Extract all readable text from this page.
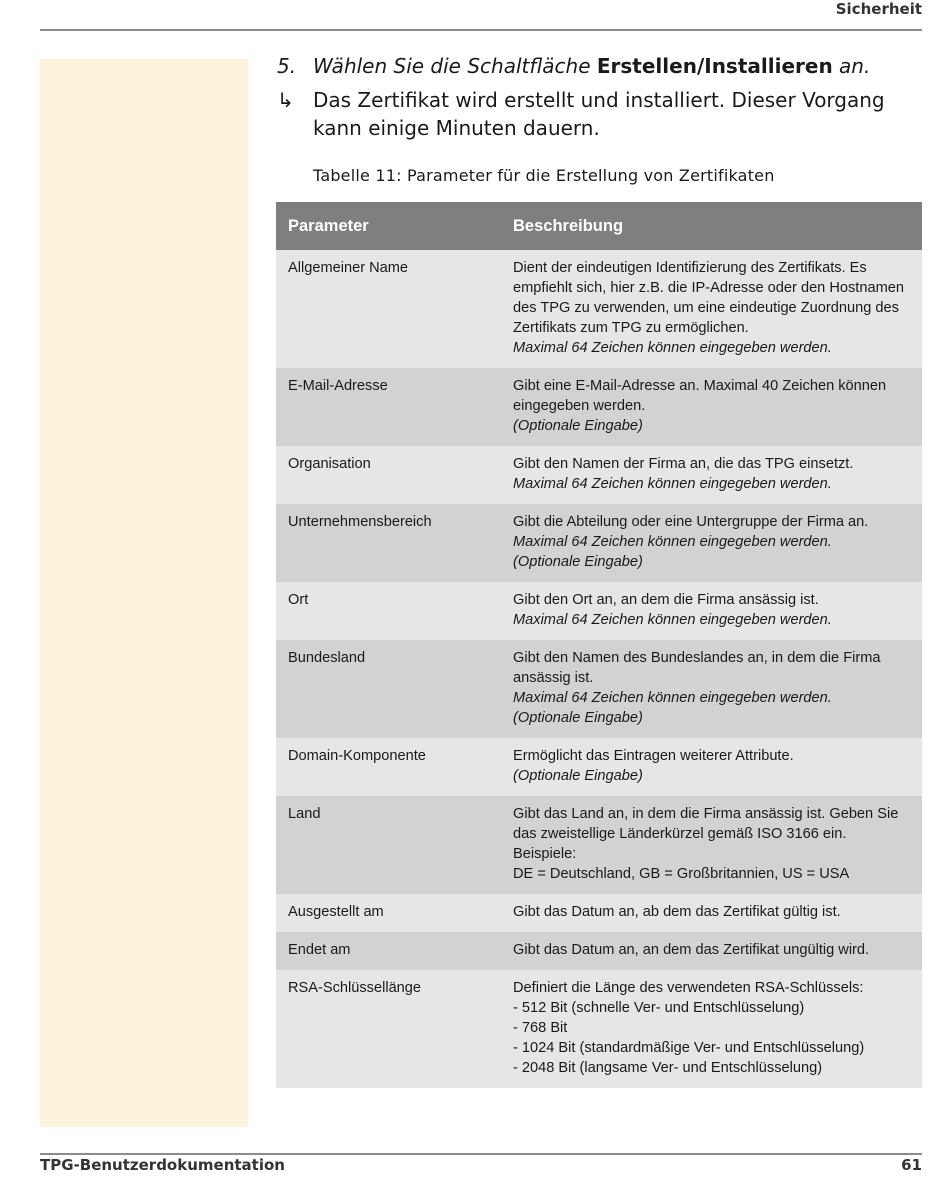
Sicherheit
5. Wählen Sie die Schaltfläche Erstellen/Installieren an.
↳ Das Zertifikat wird erstellt und installiert. Dieser Vorgang kann einige Minuten dauern.
Tabelle 11: Parameter für die Erstellung von Zertifikaten
Parameter	Beschreibung
Allgemeiner Name	Dient der eindeutigen Identifizierung des Zertifikats. Es empfiehlt sich, hier z.B. die IP-Adresse oder den Hostnamen des TPG zu verwenden, um eine eindeutige Zuordnung des Zertifikats zum TPG zu ermöglichen.
Maximal 64 Zeichen können eingegeben werden.

E-Mail-Adresse	Gibt eine E-Mail-Adresse an. Maximal 40 Zeichen können eingegeben werden.
(Optionale Eingabe)

Organisation	Gibt den Namen der Firma an, die das TPG einsetzt.
Maximal 64 Zeichen können eingegeben werden.

Unternehmensbereich	Gibt die Abteilung oder eine Untergruppe der Firma an.
Maximal 64 Zeichen können eingegeben werden.
(Optionale Eingabe)

Ort	Gibt den Ort an, an dem die Firma ansässig ist.
Maximal 64 Zeichen können eingegeben werden.

Bundesland	Gibt den Namen des Bundeslandes an, in dem die Firma ansässig ist.
Maximal 64 Zeichen können eingegeben werden.
(Optionale Eingabe)

Domain-Komponente	Ermöglicht das Eintragen weiterer Attribute.
(Optionale Eingabe)

Land	Gibt das Land an, in dem die Firma ansässig ist. Geben Sie das zweistellige Länderkürzel gemäß ISO 3166 ein.
Beispiele:
DE = Deutschland, GB = Großbritannien, US = USA

Ausgestellt am	Gibt das Datum an, ab dem das Zertifikat gültig ist.

Endet am	Gibt das Datum an, an dem das Zertifikat ungültig wird.

RSA-Schlüssellänge	Definiert die Länge des verwendeten RSA-Schlüssels:
- 512 Bit (schnelle Ver- und Entschlüsselung)
- 768 Bit
- 1024 Bit (standardmäßige Ver- und Entschlüsselung)
- 2048 Bit (langsame Ver- und Entschlüsselung)
TPG-Benutzerdokumentation	61
